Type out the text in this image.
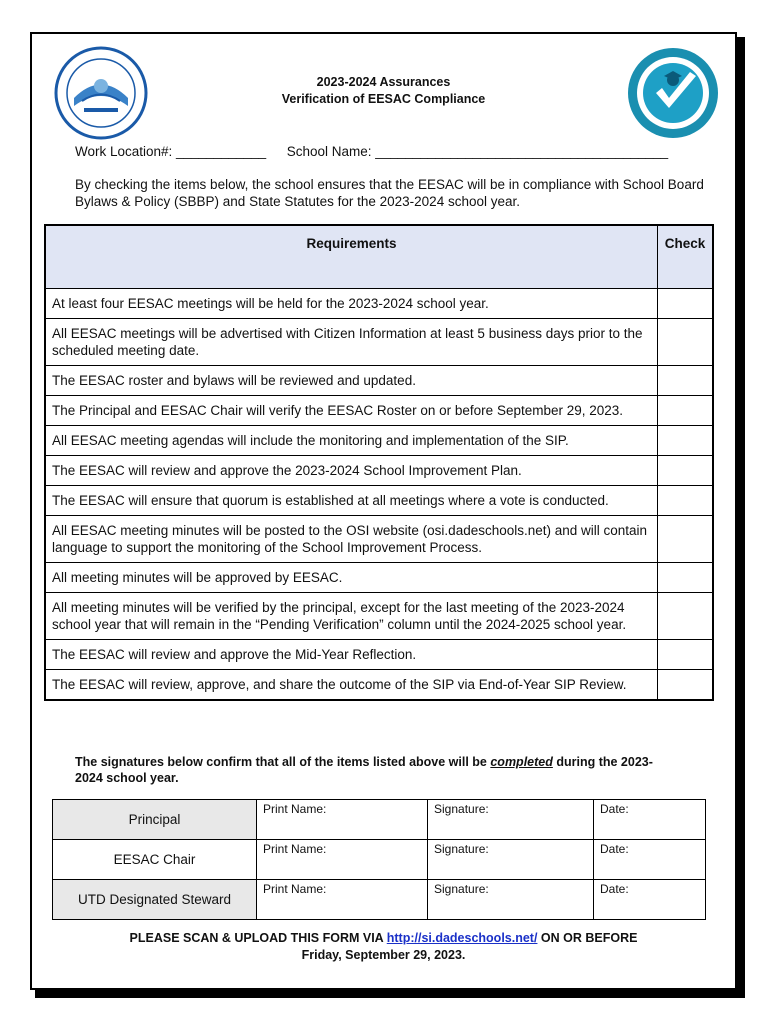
2023-2024 Assurances
Verification of EESAC Compliance
Work Location#: ____________ School Name: _______________________________________
By checking the items below, the school ensures that the EESAC will be in compliance with School Board Bylaws & Policy (SBBP) and State Statutes for the 2023-2024 school year.
Requirements	Check
At least four EESAC meetings will be held for the 2023-2024 school year.	
All EESAC meetings will be advertised with Citizen Information at least 5 business days prior to the scheduled meeting date.	
The EESAC roster and bylaws will be reviewed and updated.	
The Principal and EESAC Chair will verify the EESAC Roster on or before September 29, 2023.	
All EESAC meeting agendas will include the monitoring and implementation of the SIP.	
The EESAC will review and approve the 2023-2024 School Improvement Plan.	
The EESAC will ensure that quorum is established at all meetings where a vote is conducted.	
All EESAC meeting minutes will be posted to the OSI website (osi.dadeschools.net) and will contain language to support the monitoring of the School Improvement Process.	
All meeting minutes will be approved by EESAC.	
All meeting minutes will be verified by the principal, except for the last meeting of the 2023-2024 school year that will remain in the “Pending Verification” column until the 2024-2025 school year.	
The EESAC will review and approve the Mid-Year Reflection.	
The EESAC will review, approve, and share the outcome of the SIP via End-of-Year SIP Review.	
The signatures below confirm that all of the items listed above will be completed during the 2023-2024 school year.
Principal	Print Name:	Signature:	Date:
EESAC Chair	Print Name:	Signature:	Date:
UTD Designated Steward	Print Name:	Signature:	Date:
PLEASE SCAN & UPLOAD THIS FORM VIA http://si.dadeschools.net/ ON OR BEFORE
Friday, September 29, 2023.
